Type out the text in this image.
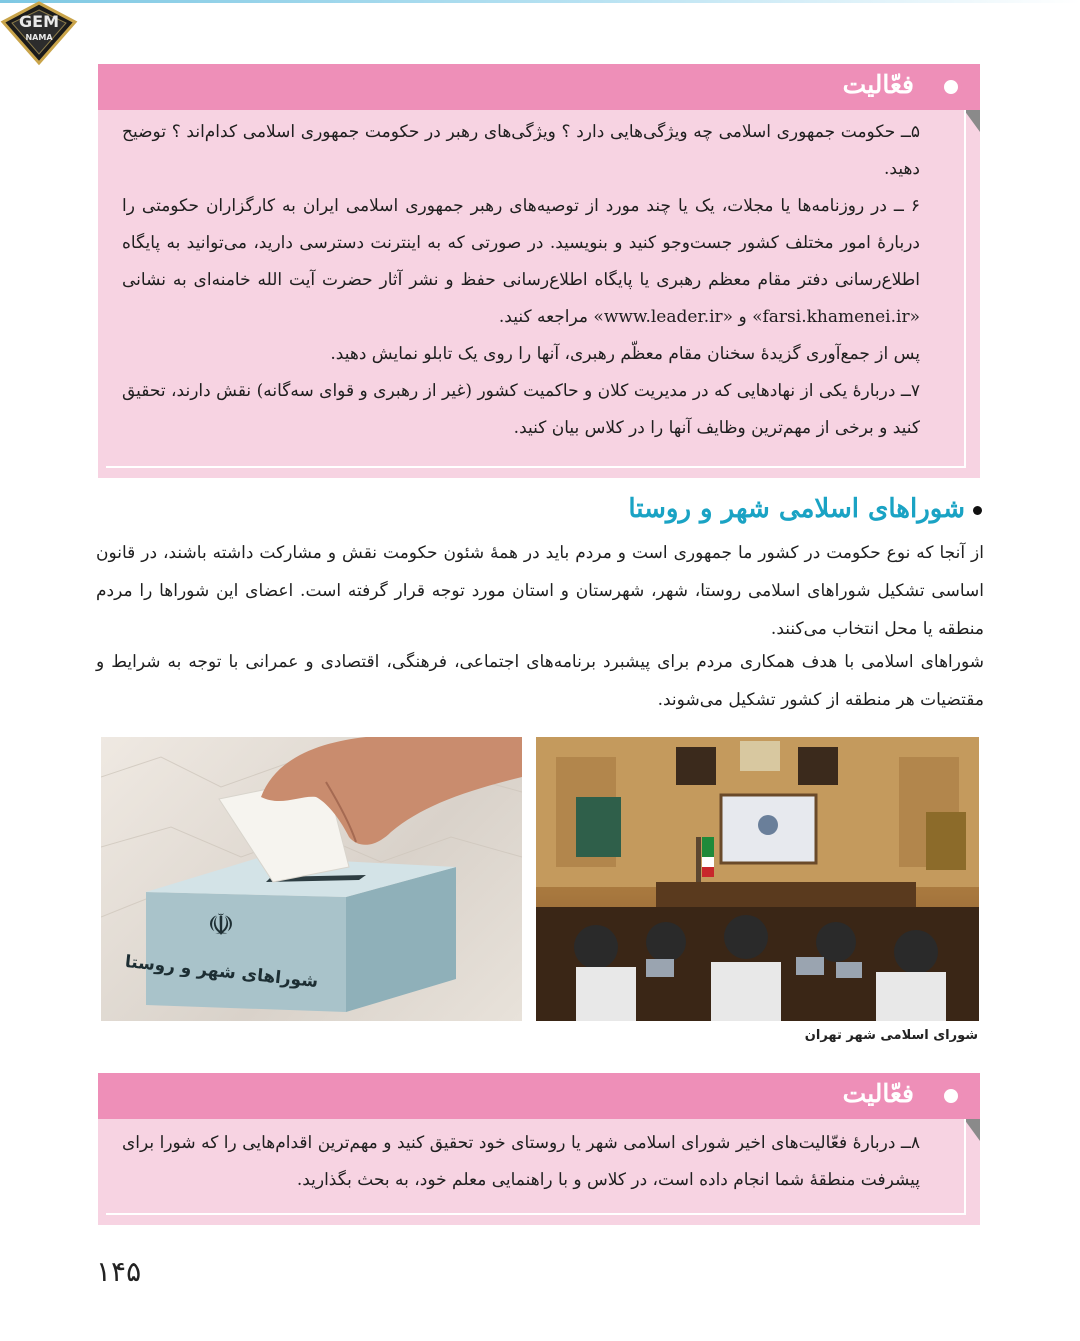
GEM
NAMA
فعّالیت
۵ــ حکومت جمهوری اسلامی چه ویژگی‌هایی دارد ؟ ویژگی‌های رهبر در حکومت جمهوری اسلامی کدام‌اند ؟ توضیح دهید.
۶ ــ در روزنامه‌ها یا مجلات، یک یا چند مورد از توصیه‌های رهبر جمهوری اسلامی ایران به کارگزاران حکومتی را دربارهٔ امور مختلف کشور جست‌وجو کنید و بنویسید. در صورتی که به اینترنت دسترسی دارید، می‌توانید به پایگاه اطلاع‌رسانی دفتر مقام معظم رهبری یا پایگاه اطلاع‌رسانی حفظ و نشر آثار حضرت آیت الله خامنه‌ای به نشانی «farsi.khamenei.ir» و «www.leader.ir» مراجعه کنید.
پس از جمع‌آوری گزیدهٔ سخنان مقام معظّم رهبری، آنها را روی یک تابلو نمایش دهید.
۷ــ دربارهٔ یکی از نهادهایی که در مدیریت کلان و حاکمیت کشور (غیر از رهبری و قوای سه‌گانه) نقش دارند، تحقیق کنید و برخی از مهم‌ترین وظایف آنها را در کلاس بیان کنید.
شوراهای اسلامی شهر و روستا
از آنجا که نوع حکومت در کشور ما جمهوری است و مردم باید در همهٔ شئون حکومت نقش و مشارکت داشته باشند، در قانون اساسی تشکیل شوراهای اسلامی روستا، شهر، شهرستان و استان مورد توجه قرار گرفته است. اعضای این شوراها را مردم منطقه یا محل انتخاب می‌کنند.
شوراهای اسلامی با هدف همکاری مردم برای پیشبرد برنامه‌های اجتماعی، فرهنگی، اقتصادی و عمرانی با توجه به شرایط و مقتضیات هر منطقه از کشور تشکیل می‌شوند.
☫
شوراهای شهر و روستا
شورای اسلامی شهر تهران
فعّالیت
۸ــ دربارهٔ فعّالیت‌های اخیر شورای اسلامی شهر یا روستای خود تحقیق کنید و مهم‌ترین اقدام‌هایی را که شورا برای پیشرفت منطقهٔ شما انجام داده است، در کلاس و با راهنمایی معلم خود، به بحث بگذارید.
۱۴۵
